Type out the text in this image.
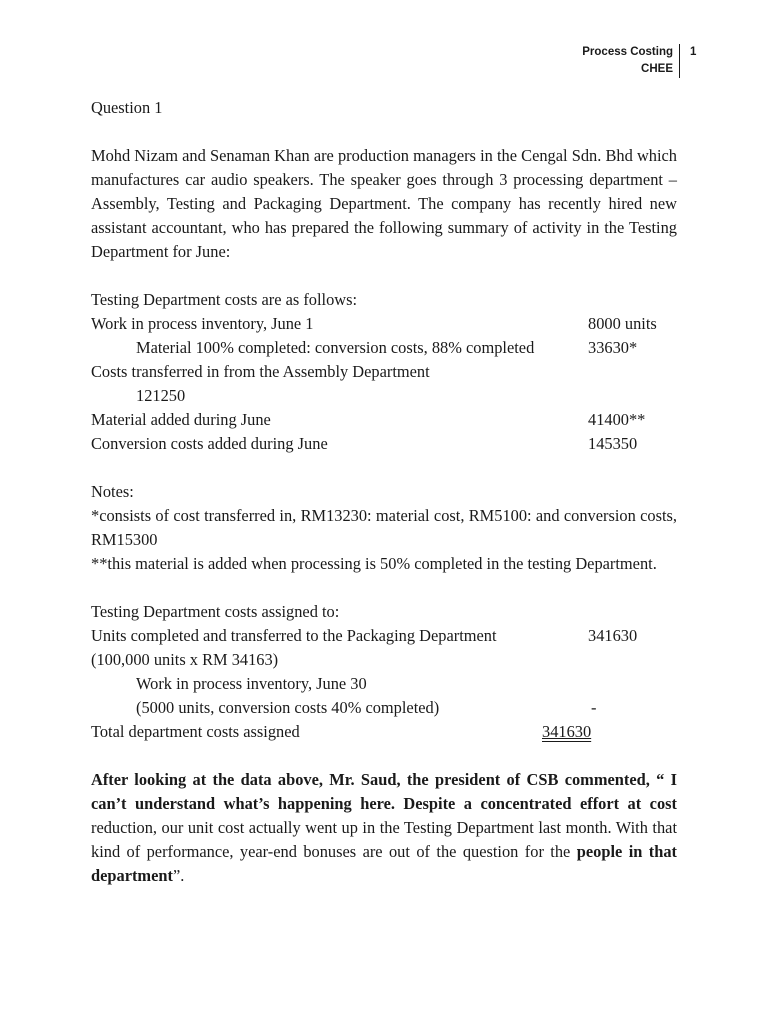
Process Costing
CHEE
1

Question 1

Mohd Nizam and Senaman Khan are production managers in the Cengal Sdn. Bhd which manufactures car audio speakers. The speaker goes through 3 processing department – Assembly, Testing and Packaging Department. The company has recently hired new assistant accountant, who has prepared the following summary of activity in the Testing Department for June:

Testing Department costs are as follows:
Work in process inventory, June 1	8000 units
Material 100% completed: conversion costs, 88% completed	33630*
Costs transferred in from the Assembly Department
121250
Material added during June	41400**
Conversion costs added during June	145350

Notes:

*consists of cost transferred in, RM13230: material cost, RM5100: and conversion costs, RM15300

**this material is added when processing is 50% completed in the testing Department.

Testing Department costs assigned to:
Units completed and transferred to the Packaging Department	341630
(100,000 units x RM 34163)
Work in process inventory, June 30
(5000 units, conversion costs 40% completed)	-
Total department costs assigned	341630

After looking at the data above, Mr. Saud, the president of CSB commented, “ I can’t understand what’s happening here. Despite a concentrated effort at cost reduction, our unit cost actually went up in the Testing Department last month. With that kind of performance, year-end bonuses are out of the question for the people in that department”.
